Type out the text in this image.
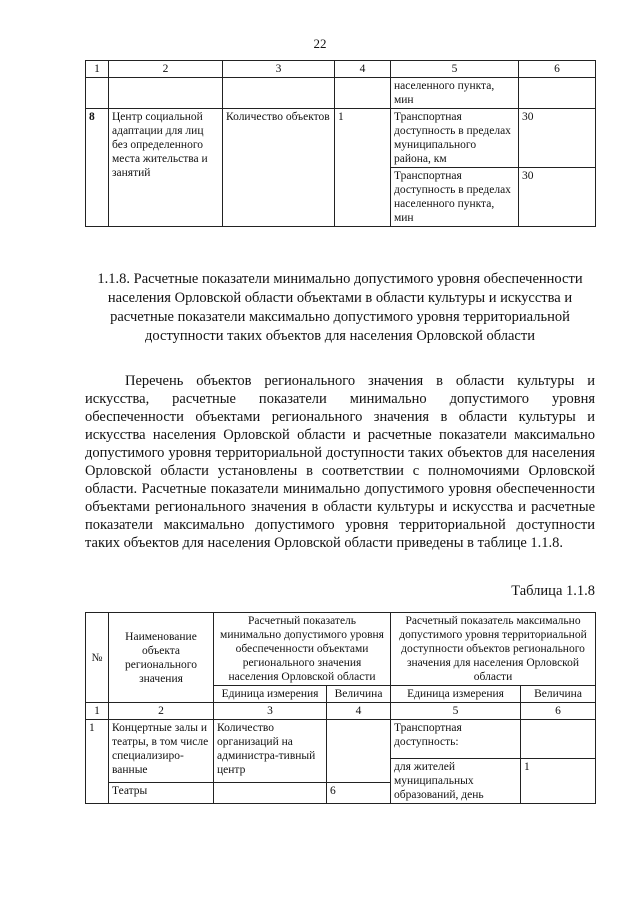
22
1	2	3	4	5	6
				населенного пункта, мин	
8	Центр социальной адаптации для лиц без определенного места жительства и занятий	Количество объектов	1	Транспортная доступность в пределах муниципального района, км	30
				Транспортная доступность в пределах населенного пункта, мин	30
1.1.8. Расчетные показатели минимально допустимого уровня обеспеченности населения Орловской области объектами в области культуры и искусства и расчетные показатели максимально допустимого уровня территориальной доступности таких объектов для населения Орловской области
Перечень объектов регионального значения в области культуры и искусства, расчетные показатели минимально допустимого уровня обеспеченности объектами регионального значения в области культуры и искусства населения Орловской области и расчетные показатели максимально допустимого уровня территориальной доступности таких объектов для населения Орловской области установлены в соответствии с полномочиями Орловской области. Расчетные показатели минимально допустимого уровня обеспеченности объектами регионального значения в области культуры и искусства и расчетные показатели максимально допустимого уровня территориальной доступности таких объектов для населения Орловской области приведены в таблице 1.1.8.
Таблица 1.1.8
№	Наименование объекта регионального значения	Расчетный показатель минимально допустимого уровня обеспеченности объектами регионального значения населения Орловской области		Расчетный показатель максимально допустимого уровня территориальной доступности объектов регионального значения для населения Орловской области	
		Единица измерения	Величина	Единица измерения	Величина
1	2	3	4	5	6
1	Концертные залы и театры, в том числе специализиро-ванные	Количество организаций на администра-тивный центр		Транспортная доступность:	
				для жителей муниципальных образований, день	1
	Театры		6		
